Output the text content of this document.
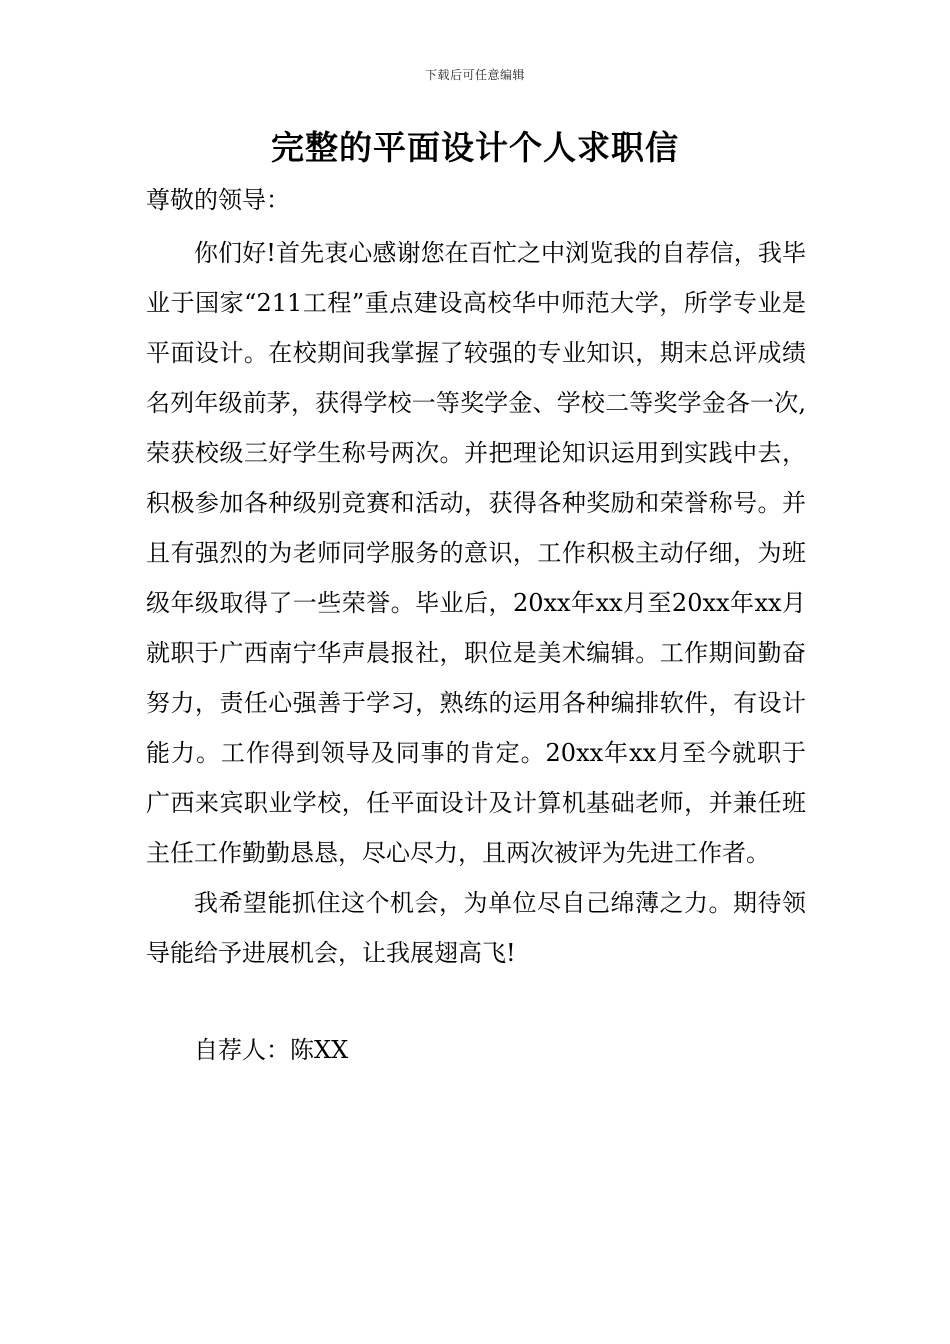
下载后可任意编辑
完整的平面设计个人求职信
尊敬的领导：

你们好!首先衷心感谢您在百忙之中浏览我的自荐信，我毕业于国家“211工程”重点建设高校华中师范大学，所学专业是平面设计。在校期间我掌握了较强的专业知识，期末总评成绩名列年级前茅，获得学校一等奖学金、学校二等奖学金各一次,荣获校级三好学生称号两次。并把理论知识运用到实践中去，积极参加各种级别竞赛和活动，获得各种奖励和荣誉称号。并且有强烈的为老师同学服务的意识，工作积极主动仔细，为班级年级取得了一些荣誉。毕业后，20xx年xx月至20xx年xx月就职于广西南宁华声晨报社，职位是美术编辑。工作期间勤奋努力，责任心强善于学习，熟练的运用各种编排软件，有设计能力。工作得到领导及同事的肯定。20xx年xx月至今就职于广西来宾职业学校，任平面设计及计算机基础老师，并兼任班主任工作勤勤恳恳，尽心尽力，且两次被评为先进工作者。

我希望能抓住这个机会，为单位尽自己绵薄之力。期待领导能给予进展机会，让我展翅高飞!

自荐人：陈XX
